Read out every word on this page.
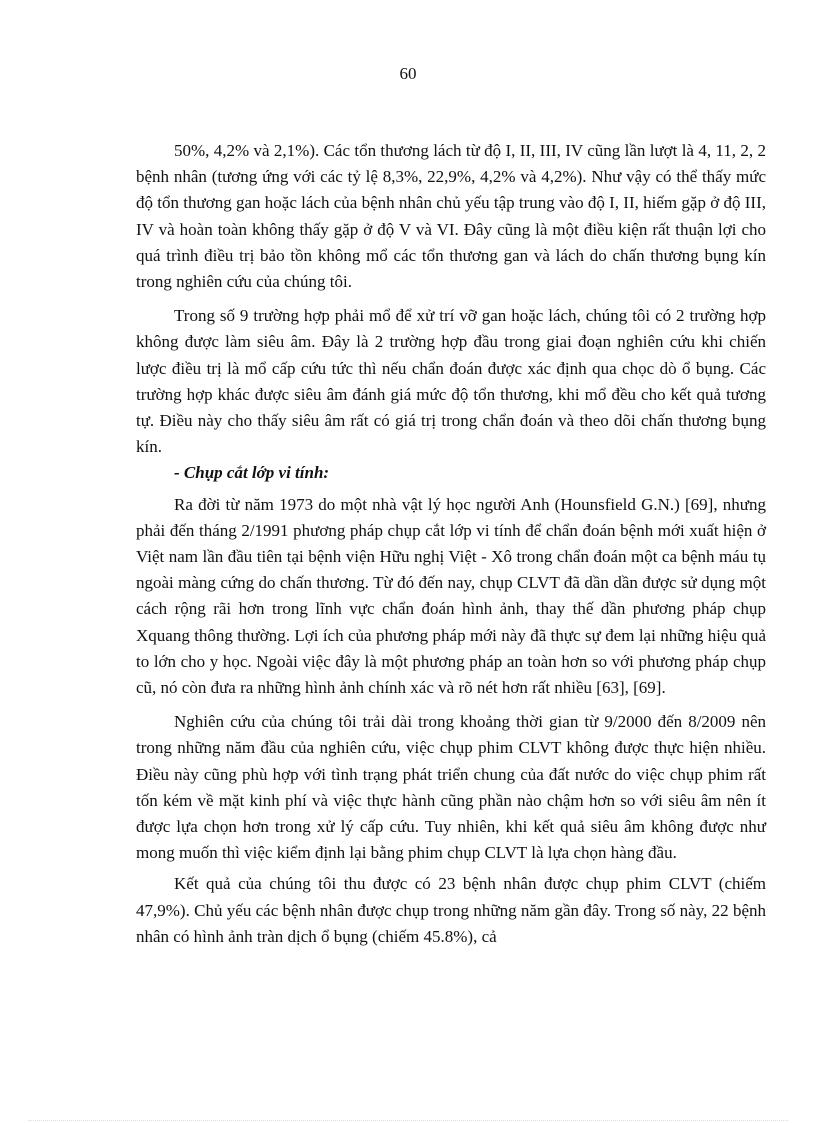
60

50%, 4,2% và 2,1%). Các tổn thương lách từ độ I, II, III, IV cũng lần lượt là 4, 11, 2, 2 bệnh nhân (tương ứng với các tỷ lệ 8,3%, 22,9%, 4,2% và 4,2%). Như vậy có thể thấy mức độ tổn thương gan hoặc lách của bệnh nhân chủ yếu tập trung vào độ I, II, hiếm gặp ở độ III, IV và hoàn toàn không thấy gặp ở độ V và VI. Đây cũng là một điều kiện rất thuận lợi cho quá trình điều trị bảo tồn không mổ các tổn thương gan và lách do chấn thương bụng kín trong nghiên cứu của chúng tôi.

Trong số 9 trường hợp phải mổ để xử trí vỡ gan hoặc lách, chúng tôi có 2 trường hợp không được làm siêu âm. Đây là 2 trường hợp đầu trong giai đoạn nghiên cứu khi chiến lược điều trị là mổ cấp cứu tức thì nếu chẩn đoán được xác định qua chọc dò ổ bụng. Các trường hợp khác được siêu âm đánh giá mức độ tổn thương, khi mổ đều cho kết quả tương tự. Điều này cho thấy siêu âm rất có giá trị trong chẩn đoán và theo dõi chấn thương bụng kín.

- Chụp cắt lớp vi tính:

Ra đời từ năm 1973 do một nhà vật lý học người Anh (Hounsfield G.N.) [69], nhưng phải đến tháng 2/1991 phương pháp chụp cắt lớp vi tính để chẩn đoán bệnh mới xuất hiện ở Việt nam lần đầu tiên tại bệnh viện Hữu nghị Việt - Xô trong chẩn đoán một ca bệnh máu tụ ngoài màng cứng do chấn thương. Từ đó đến nay, chụp CLVT đã dần dần được sử dụng một cách rộng rãi hơn trong lĩnh vực chẩn đoán hình ảnh, thay thế dần phương pháp chụp Xquang thông thường. Lợi ích của phương pháp mới này đã thực sự đem lại những hiệu quả to lớn cho y học. Ngoài việc đây là một phương pháp an toàn hơn so với phương pháp chụp cũ, nó còn đưa ra những hình ảnh chính xác và rõ nét hơn rất nhiều [63], [69].

Nghiên cứu của chúng tôi trải dài trong khoảng thời gian từ 9/2000 đến 8/2009 nên trong những năm đầu của nghiên cứu, việc chụp phim CLVT không được thực hiện nhiều. Điều này cũng phù hợp với tình trạng phát triển chung của đất nước do việc chụp phim rất tốn kém về mặt kinh phí và việc thực hành cũng phần nào chậm hơn so với siêu âm nên ít được lựa chọn hơn trong xử lý cấp cứu. Tuy nhiên, khi kết quả siêu âm không được như mong muốn thì việc kiểm định lại bằng phim chụp CLVT là lựa chọn hàng đầu.

Kết quả của chúng tôi thu được có 23 bệnh nhân được chụp phim CLVT (chiếm 47,9%). Chủ yếu các bệnh nhân được chụp trong những năm gần đây. Trong số này, 22 bệnh nhân có hình ảnh tràn dịch ổ bụng (chiếm 45.8%), cả
